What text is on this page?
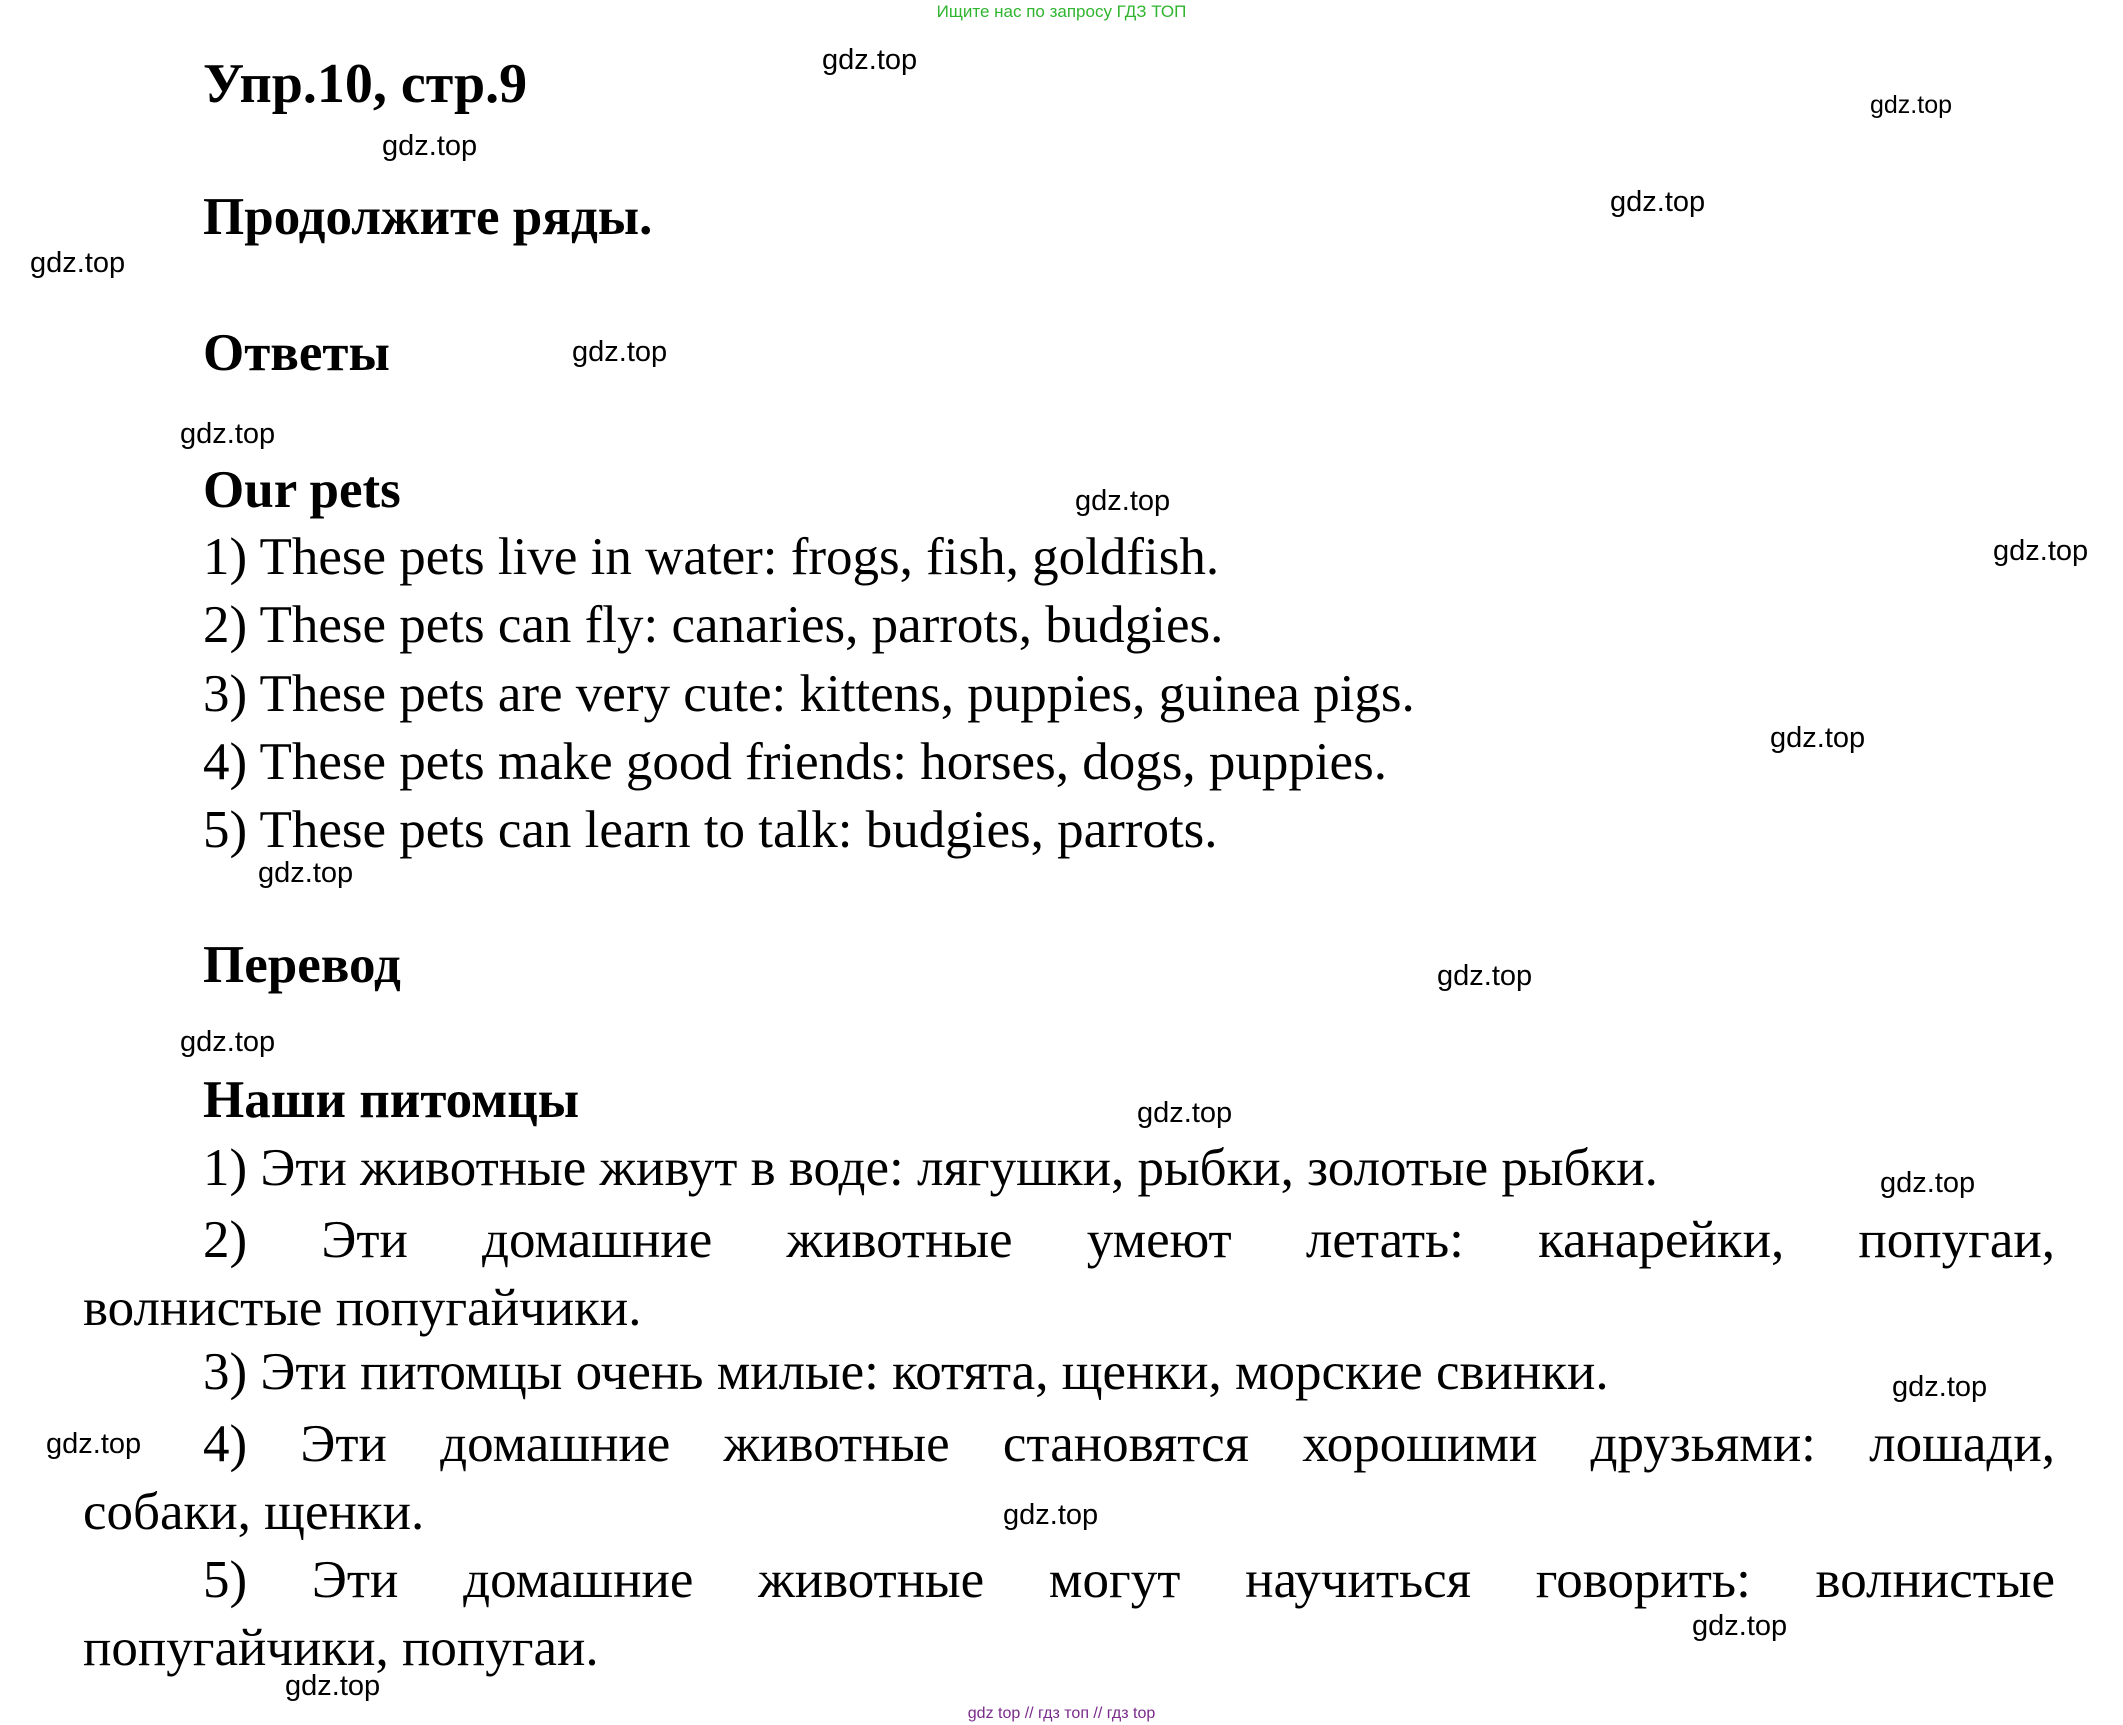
Ищите нас по запросу ГДЗ ТОП
Упр.10, стр.9
Продолжите ряды.
Ответы
Our pets
1) These pets live in water: frogs, fish, goldfish.
2) These pets can fly: canaries, parrots, budgies.
3) These pets are very cute: kittens, puppies, guinea pigs.
4) These pets make good friends: horses, dogs, puppies.
5) These pets can learn to talk: budgies, parrots.
Перевод
Наши питомцы
1) Эти животные живут в воде: лягушки, рыбки, золотые рыбки.
2) Эти домашние животные умеют летать: канарейки, попугаи,
волнистые попугайчики.
3) Эти питомцы очень милые: котята, щенки, морские свинки.
4) Эти домашние животные становятся хорошими друзьями: лошади,
собаки, щенки.
5) Эти домашние животные могут научиться говорить: волнистые
попугайчики, попугаи.
gdz.top
gdz.top
gdz.top
gdz.top
gdz.top
gdz.top
gdz.top
gdz.top
gdz.top
gdz.top
gdz.top
gdz.top
gdz.top
gdz.top
gdz.top
gdz.top
gdz.top
gdz.top
gdz.top
gdz.top
gdz top // гдз топ // гдз top
